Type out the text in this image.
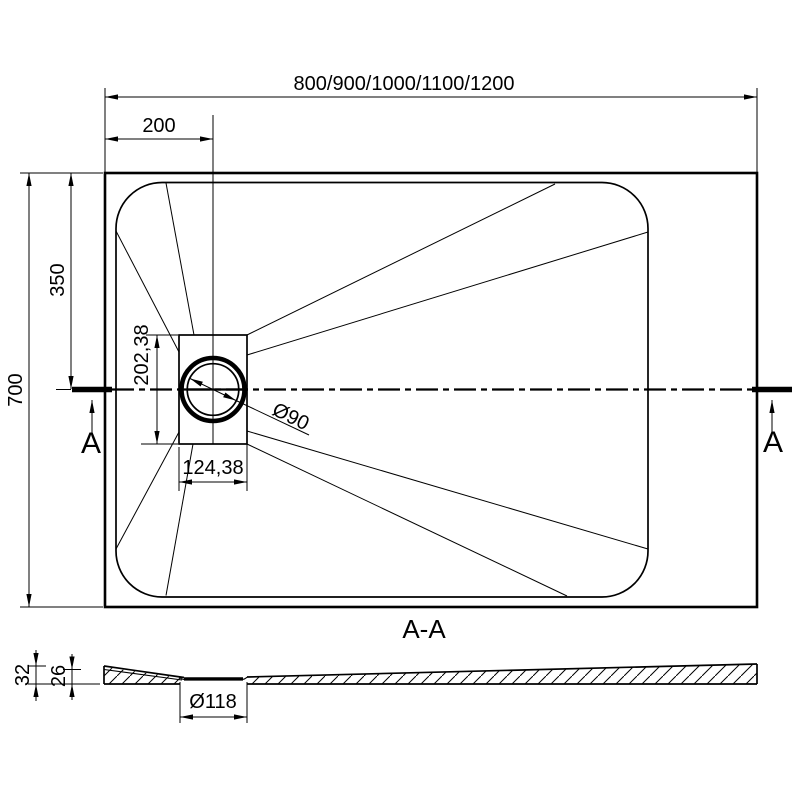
800/900/1000/1100/1200
200
700
350
202,38
124,38
Ø90
A	A
A-A
32 26
Ø118
